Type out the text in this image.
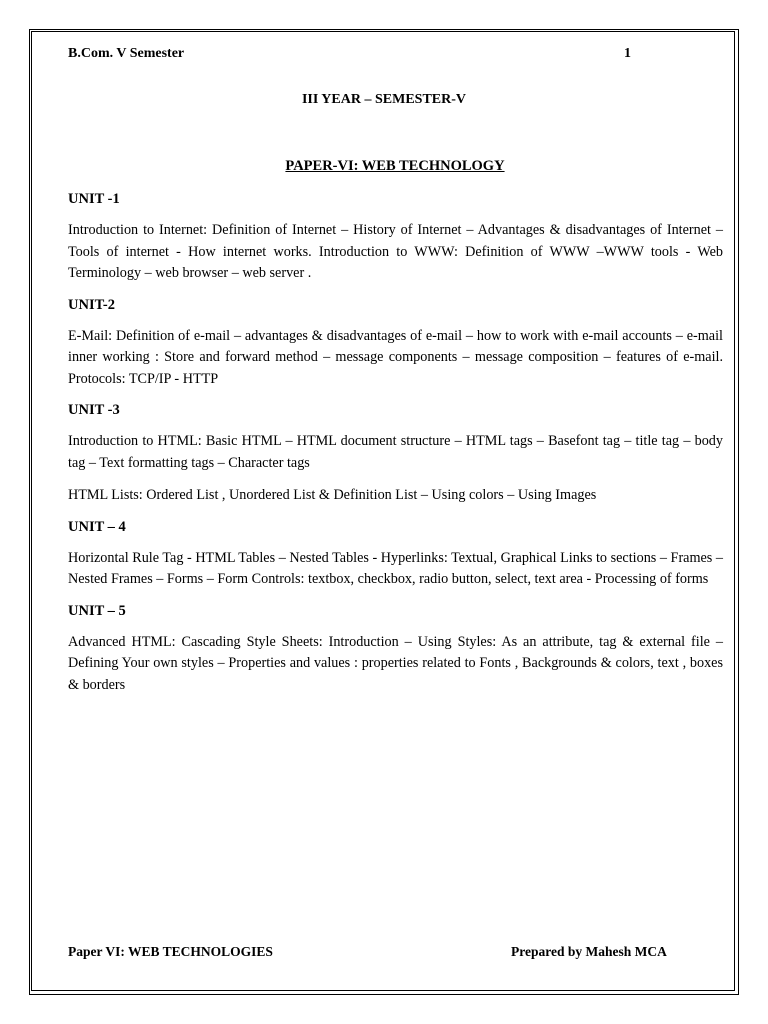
B.Com. V Semester	1
III YEAR – SEMESTER-V
PAPER-VI: WEB TECHNOLOGY
UNIT -1

Introduction to Internet: Definition of Internet – History of Internet – Advantages & disadvantages of Internet – Tools of internet - How internet works. Introduction to WWW: Definition of WWW –WWW tools - Web Terminology – web browser – web server .

UNIT-2

E-Mail: Definition of e-mail – advantages & disadvantages of e-mail – how to work with e-mail accounts – e-mail inner working : Store and forward method – message components – message composition – features of e-mail. Protocols: TCP/IP - HTTP

UNIT -3

Introduction to HTML: Basic HTML – HTML document structure – HTML tags – Basefont tag – title tag – body tag – Text formatting tags – Character tags

HTML Lists: Ordered List , Unordered List & Definition List – Using colors – Using Images

UNIT – 4

Horizontal Rule Tag - HTML Tables – Nested Tables - Hyperlinks: Textual, Graphical Links to sections – Frames – Nested Frames – Forms – Form Controls: textbox, checkbox, radio button, select, text area - Processing of forms

UNIT – 5

Advanced HTML: Cascading Style Sheets: Introduction – Using Styles: As an attribute, tag & external file – Defining Your own styles – Properties and values : properties related to Fonts , Backgrounds & colors, text , boxes & borders

Paper VI: WEB TECHNOLOGIES	Prepared by Mahesh MCA
